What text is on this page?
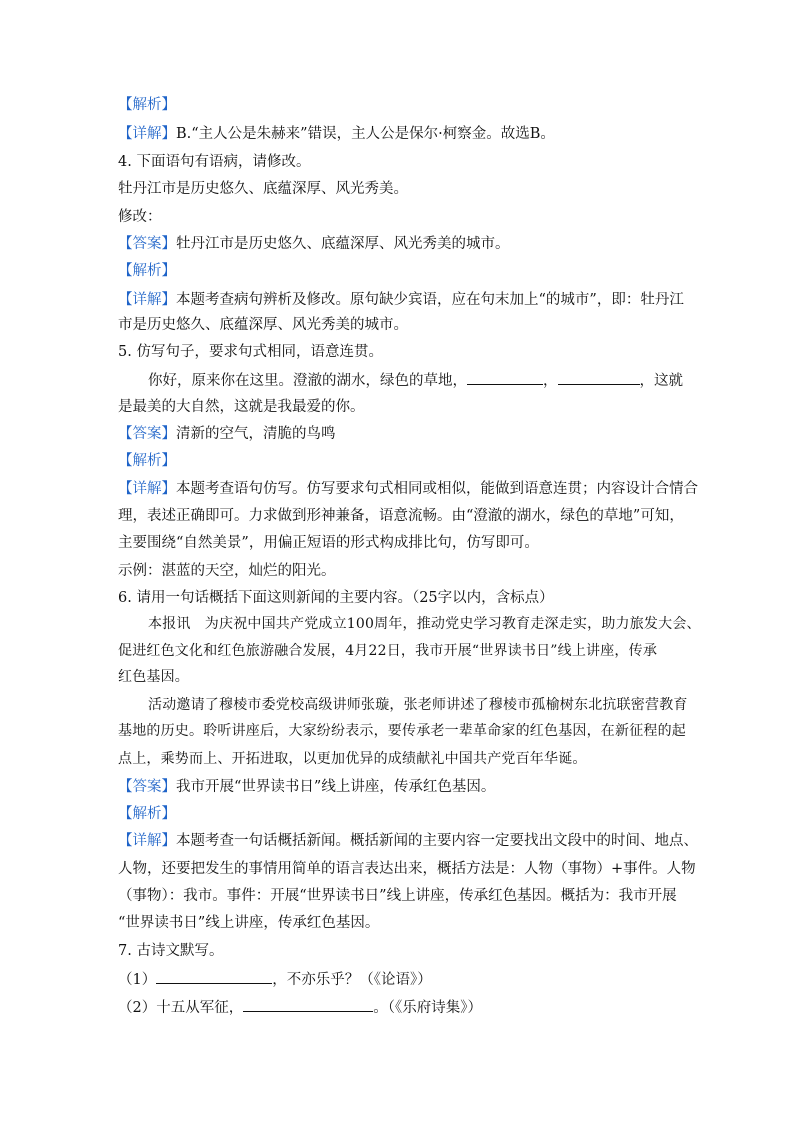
【解析】
【详解】B.“主人公是朱赫来”错误，主人公是保尔·柯察金。故选B。
4. 下面语句有语病，请修改。
牡丹江市是历史悠久、底蕴深厚、风光秀美。
修改：
【答案】牡丹江市是历史悠久、底蕴深厚、风光秀美的城市。
【解析】
【详解】本题考查病句辨析及修改。原句缺少宾语，应在句末加上“的城市”，即：牡丹江
市是历史悠久、底蕴深厚、风光秀美的城市。
5. 仿写句子，要求句式相同，语意连贯。
你好，原来你在这里。澄澈的湖水，绿色的草地，	，	，这就
是最美的大自然，这就是我最爱的你。
【答案】清新的空气，清脆的鸟鸣
【解析】
【详解】本题考查语句仿写。仿写要求句式相同或相似，能做到语意连贯；内容设计合情合
理，表述正确即可。力求做到形神兼备，语意流畅。由“澄澈的湖水，绿色的草地”可知，
主要围绕“自然美景”，用偏正短语的形式构成排比句，仿写即可。
示例：湛蓝的天空，灿烂的阳光。
6. 请用一句话概括下面这则新闻的主要内容。（25字以内，含标点）
本报讯　为庆祝中国共产党成立100周年，推动党史学习教育走深走实，助力旅发大会、
促进红色文化和红色旅游融合发展，4月22日，我市开展“世界读书日”线上讲座，传承
红色基因。
活动邀请了穆棱市委党校高级讲师张璇，张老师讲述了穆棱市孤榆树东北抗联密营教育
基地的历史。聆听讲座后，大家纷纷表示，要传承老一辈革命家的红色基因，在新征程的起
点上，乘势而上、开拓进取，以更加优异的成绩献礼中国共产党百年华诞。
【答案】我市开展“世界读书日”线上讲座，传承红色基因。
【解析】
【详解】本题考查一句话概括新闻。概括新闻的主要内容一定要找出文段中的时间、地点、
人物，还要把发生的事情用简单的语言表达出来，概括方法是：人物（事物）+事件。人物
（事物）：我市。事件：开展“世界读书日”线上讲座，传承红色基因。概括为：我市开展
“世界读书日”线上讲座，传承红色基因。
7. 古诗文默写。
（1）	，不亦乐乎？（《论语》）
（2）十五从军征，	。（《乐府诗集》）
